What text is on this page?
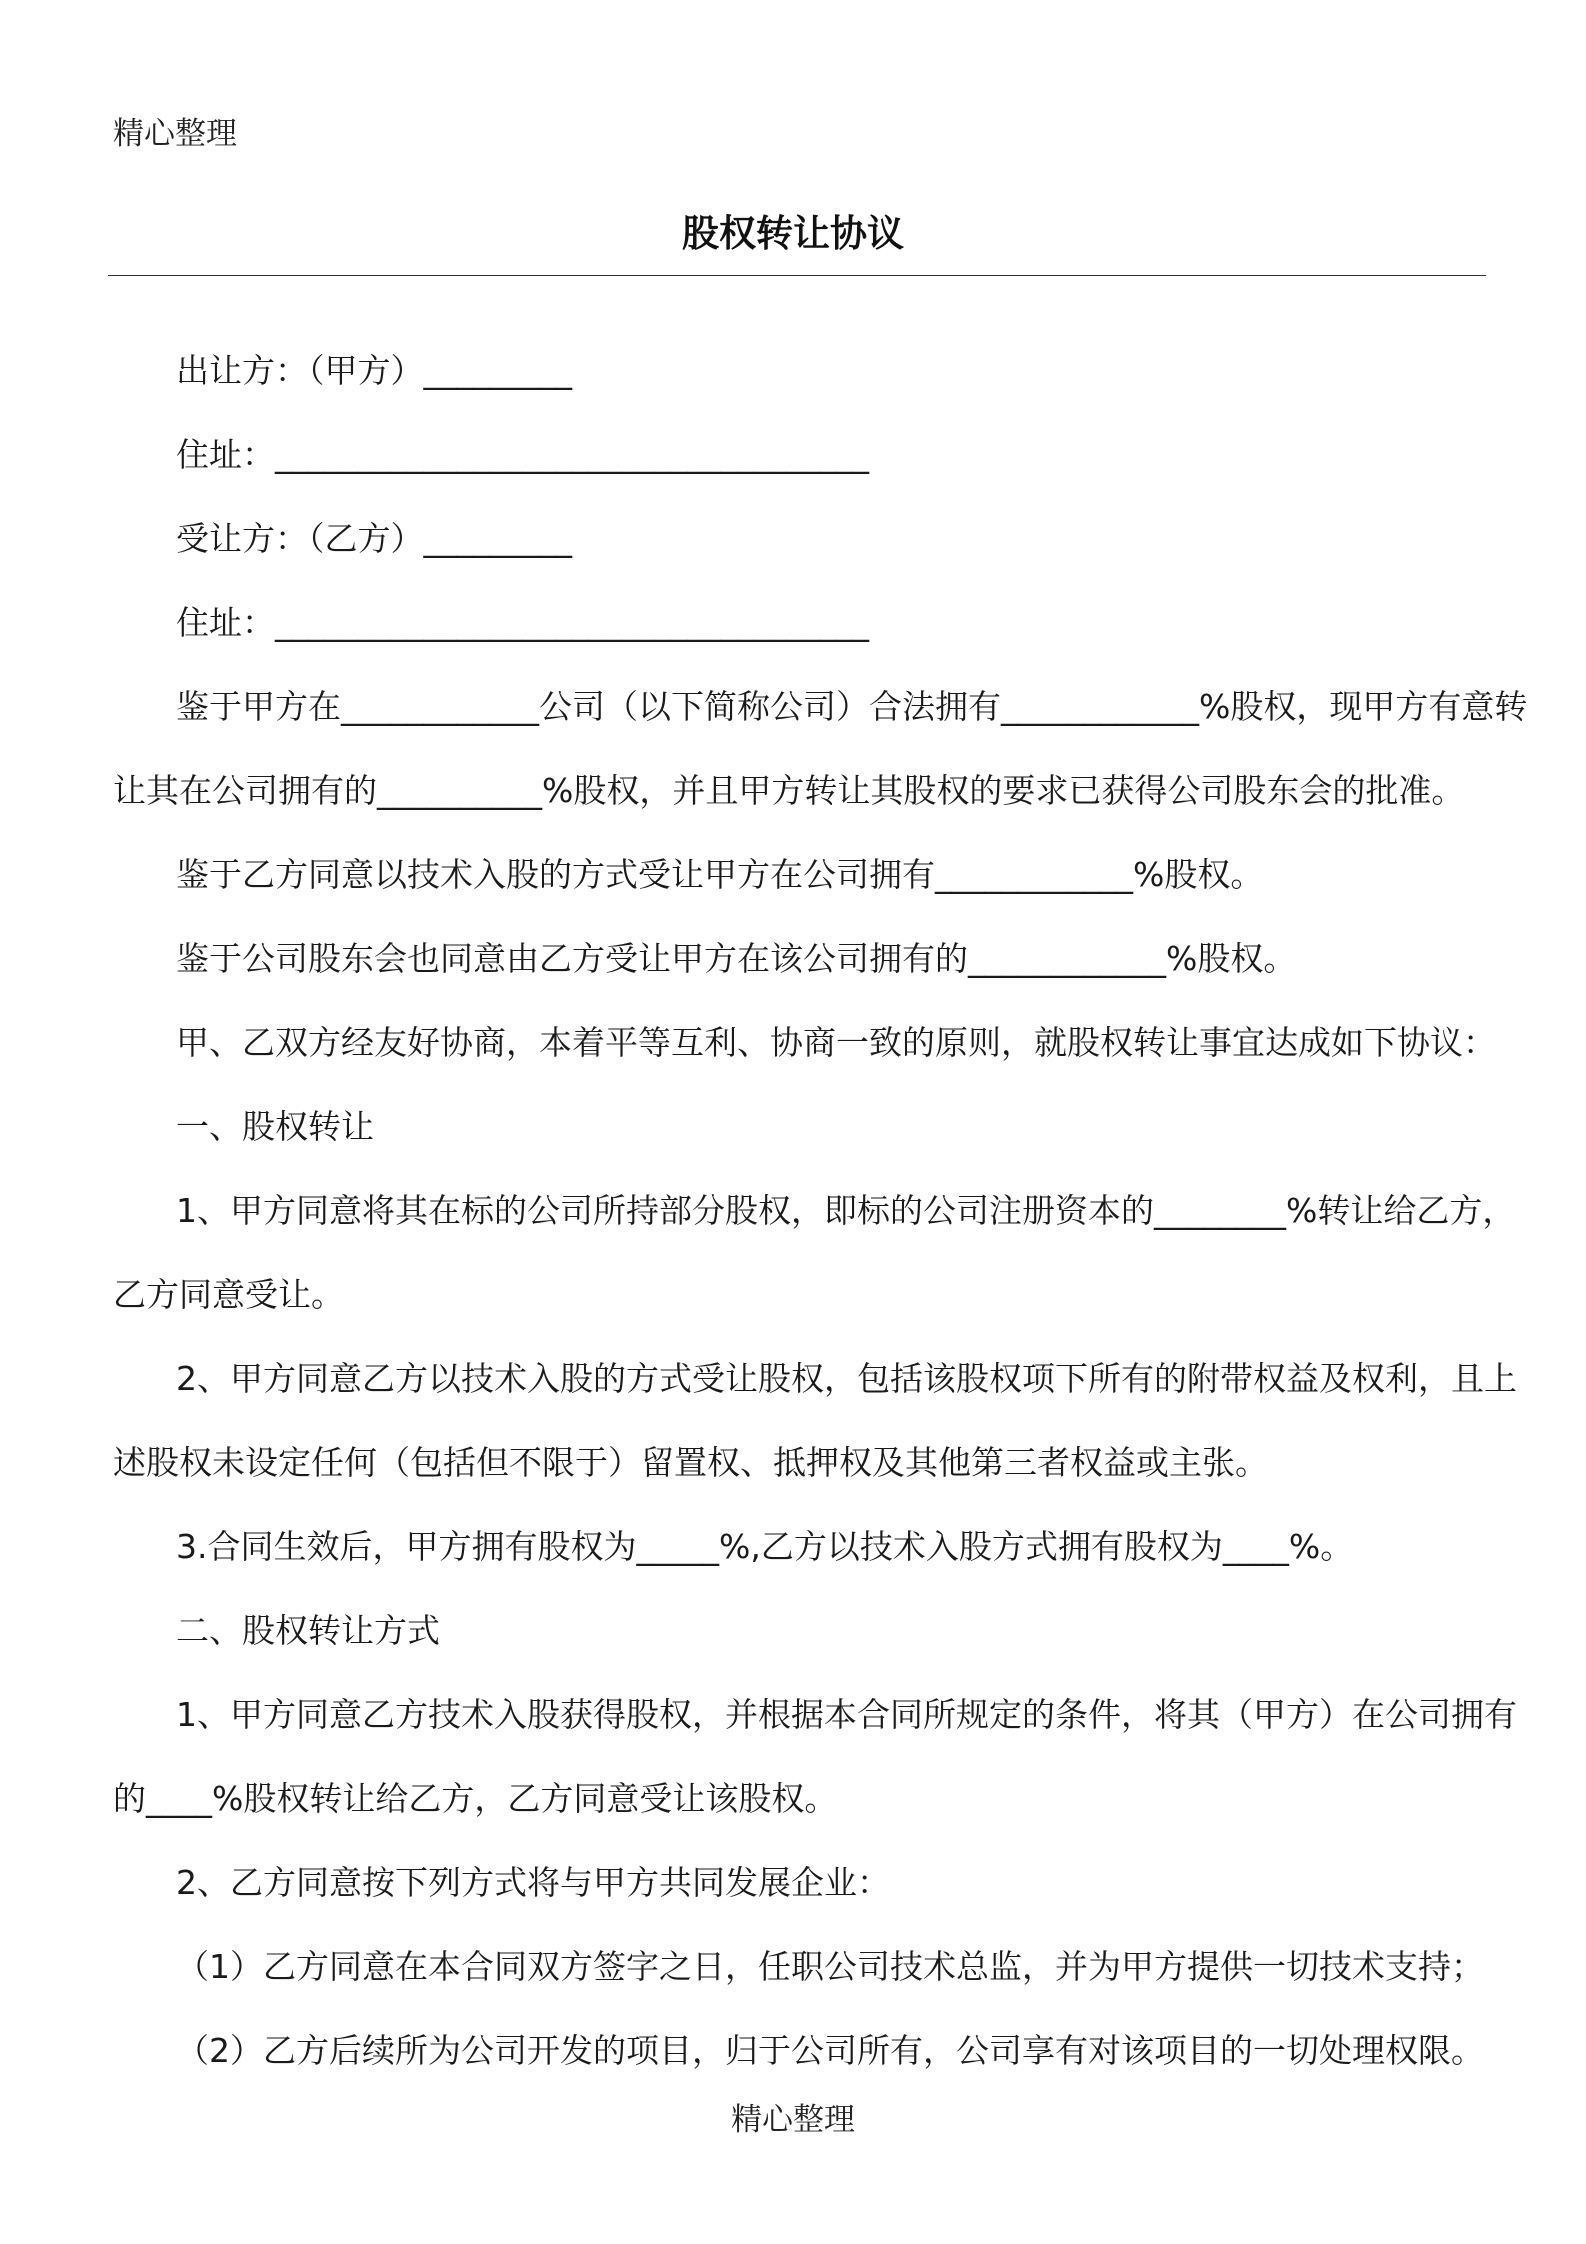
精心整理
股权转让协议
出让方：（甲方）_________
住址：____________________________________
受让方：（乙方）_________
住址：____________________________________
鉴于甲方在____________公司（以下简称公司）合法拥有____________%股权，现甲方有意转
让其在公司拥有的__________%股权，并且甲方转让其股权的要求已获得公司股东会的批准。
鉴于乙方同意以技术入股的方式受让甲方在公司拥有____________%股权。
鉴于公司股东会也同意由乙方受让甲方在该公司拥有的____________%股权。
甲、乙双方经友好协商，本着平等互利、协商一致的原则，就股权转让事宜达成如下协议：
一、股权转让
1、甲方同意将其在标的公司所持部分股权，即标的公司注册资本的________%转让给乙方，
乙方同意受让。
2、甲方同意乙方以技术入股的方式受让股权，包括该股权项下所有的附带权益及权利，且上
述股权未设定任何（包括但不限于）留置权、抵押权及其他第三者权益或主张。
3.合同生效后，甲方拥有股权为_____%,乙方以技术入股方式拥有股权为____%。
二、股权转让方式
1、甲方同意乙方技术入股获得股权，并根据本合同所规定的条件，将其（甲方）在公司拥有
的____%股权转让给乙方，乙方同意受让该股权。
2、乙方同意按下列方式将与甲方共同发展企业：
（1）乙方同意在本合同双方签字之日，任职公司技术总监，并为甲方提供一切技术支持；
（2）乙方后续所为公司开发的项目，归于公司所有，公司享有对该项目的一切处理权限。
精心整理
